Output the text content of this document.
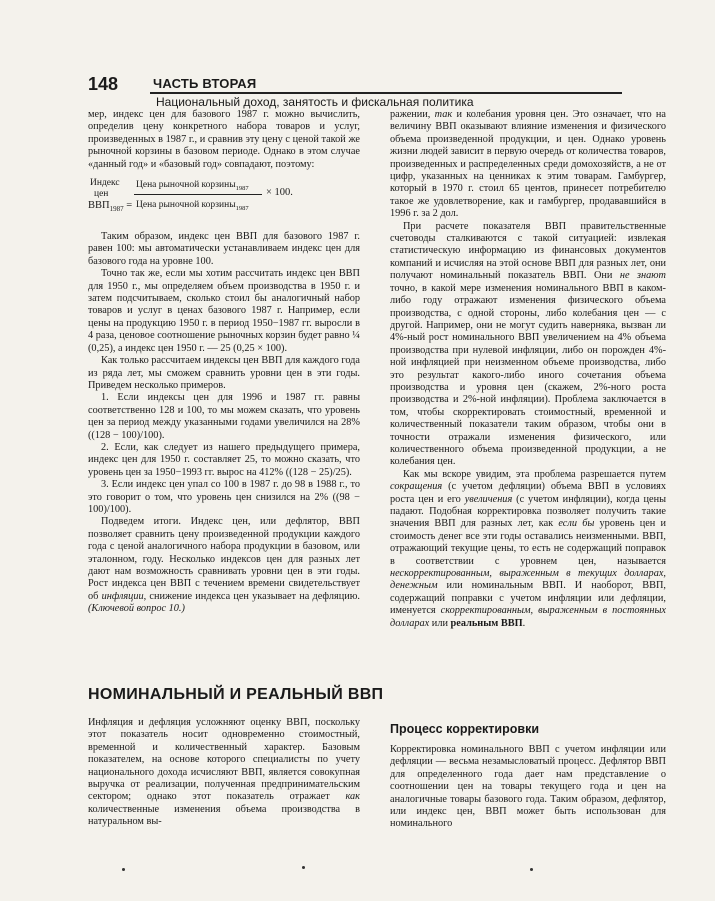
148	ЧАСТЬ ВТОРАЯ
Национальный доход, занятость и фискальная политика

мер, индекс цен для базового 1987 г. можно вычислить, определив цену конкретного набора товаров и услуг, произведенных в 1987 г., и сравнив эту цену с ценой такой же рыночной корзины в базовом периоде. Однако в этом случае «данный год» и «базовый год» совпадают, поэтому:

Индекс
цен
$ВВП_{1987}$ =
Цена рыночной корзины$_{1987}$
Цена рыночной корзины$_{1987}$
× 100.

Таким образом, индекс цен ВВП для базового 1987 г. равен 100: мы автоматически устанавливаем индекс цен для базового года на уровне 100.

Точно так же, если мы хотим рассчитать индекс цен ВВП для 1950 г., мы определяем объем производства в 1950 г. и затем подсчитываем, сколько стоил бы аналогичный набор товаров и услуг в ценах базового 1987 г. Например, если цены на продукцию 1950 г. в период 1950−1987 гг. выросли в 4 раза, ценовое соотношение рыночных корзин будет равно ¼ (0,25), а индекс цен 1950 г. — 25 (0,25 × 100).

Как только рассчитаем индексы цен ВВП для каждого года из ряда лет, мы сможем сравнить уровни цен в эти годы. Приведем несколько примеров.

1. Если индексы цен для 1996 и 1987 гг. равны соответственно 128 и 100, то мы можем сказать, что уровень цен за период между указанными годами увеличился на 28% ((128 − 100)/100).

2. Если, как следует из нашего предыдущего примера, индекс цен для 1950 г. составляет 25, то можно сказать, что уровень цен за 1950−1993 гг. вырос на 412% ((128 − 25)/25).

3. Если индекс цен упал со 100 в 1987 г. до 98 в 1988 г., то это говорит о том, что уровень цен снизился на 2% ((98 − 100)/100).

Подведем итоги. Индекс цен, или дефлятор, ВВП позволяет сравнить цену произведенной продукции каждого года с ценой аналогичного набора продукции в базовом, или эталонном, году. Несколько индексов цен для разных лет дают нам возможность сравнивать уровни цен в эти годы. Рост индекса цен ВВП с течением времени свидетельствует об инфляции, снижение индекса цен указывает на дефляцию. (Ключевой вопрос 10.)

НОМИНАЛЬНЫЙ И РЕАЛЬНЫЙ ВВП

Инфляция и дефляция усложняют оценку ВВП, поскольку этот показатель носит одновременно стоимостный, временной и количественный характер. Базовым показателем, на основе которого специалисты по учету национального дохода исчисляют ВВП, является совокупная выручка от реализации, полученная предпринимательским сектором; однако этот показатель отражает как количественные изменения объема производства в натуральном вы-

ражении, так и колебания уровня цен. Это означает, что на величину ВВП оказывают влияние изменения и физического объема произведенной продукции, и цен. Однако уровень жизни людей зависит в первую очередь от количества товаров, произведенных и распределенных среди домохозяйств, а не от цифр, указанных на ценниках к этим товарам. Гамбургер, который в 1970 г. стоил 65 центов, принесет потребителю такое же удовлетворение, как и гамбургер, продававшийся в 1996 г. за 2 дол.

При расчете показателя ВВП правительственные счетоводы сталкиваются с такой ситуацией: извлекая статистическую информацию из финансовых документов компаний и исчисляя на этой основе ВВП для разных лет, они получают номинальный показатель ВВП. Они не знают точно, в какой мере изменения номинального ВВП в каком-либо году отражают изменения физического объема производства, с одной стороны, либо колебания цен — с другой. Например, они не могут судить наверняка, вызван ли 4%-ный рост номинального ВВП увеличением на 4% объема производства при нулевой инфляции, либо он порожден 4%-ной инфляцией при неизменном объеме производства, либо это результат какого-либо иного сочетания объема производства и уровня цен (скажем, 2%-ного роста производства и 2%-ной инфляции). Проблема заключается в том, чтобы скорректировать стоимостный, временной и количественный показатели таким образом, чтобы они в точности отражали изменения физического, или количественного объема произведенной продукции, а не колебания цен.

Как мы вскоре увидим, эта проблема разрешается путем сокращения (с учетом дефляции) объема ВВП в условиях роста цен и его увеличения (с учетом инфляции), когда цены падают. Подобная корректировка позволяет получить такие значения ВВП для разных лет, как если бы уровень цен и стоимость денег все эти годы оставались неизменными. ВВП, отражающий текущие цены, то есть не содержащий поправок в соответствии с уровнем цен, называется нескорректированным, выраженным в текущих долларах, денежным или номинальным ВВП. И наоборот, ВВП, содержащий поправки с учетом инфляции или дефляции, именуется скорректированным, выраженным в постоянных долларах или реальным ВВП.

Процесс корректировки

Корректировка номинального ВВП с учетом инфляции или дефляции — весьма незамысловатый процесс. Дефлятор ВВП для определенного года дает нам представление о соотношении цен на товары текущего года и цен на аналогичные товары базового года. Таким образом, дефлятор, или индекс цен, ВВП может быть использован для номинального
